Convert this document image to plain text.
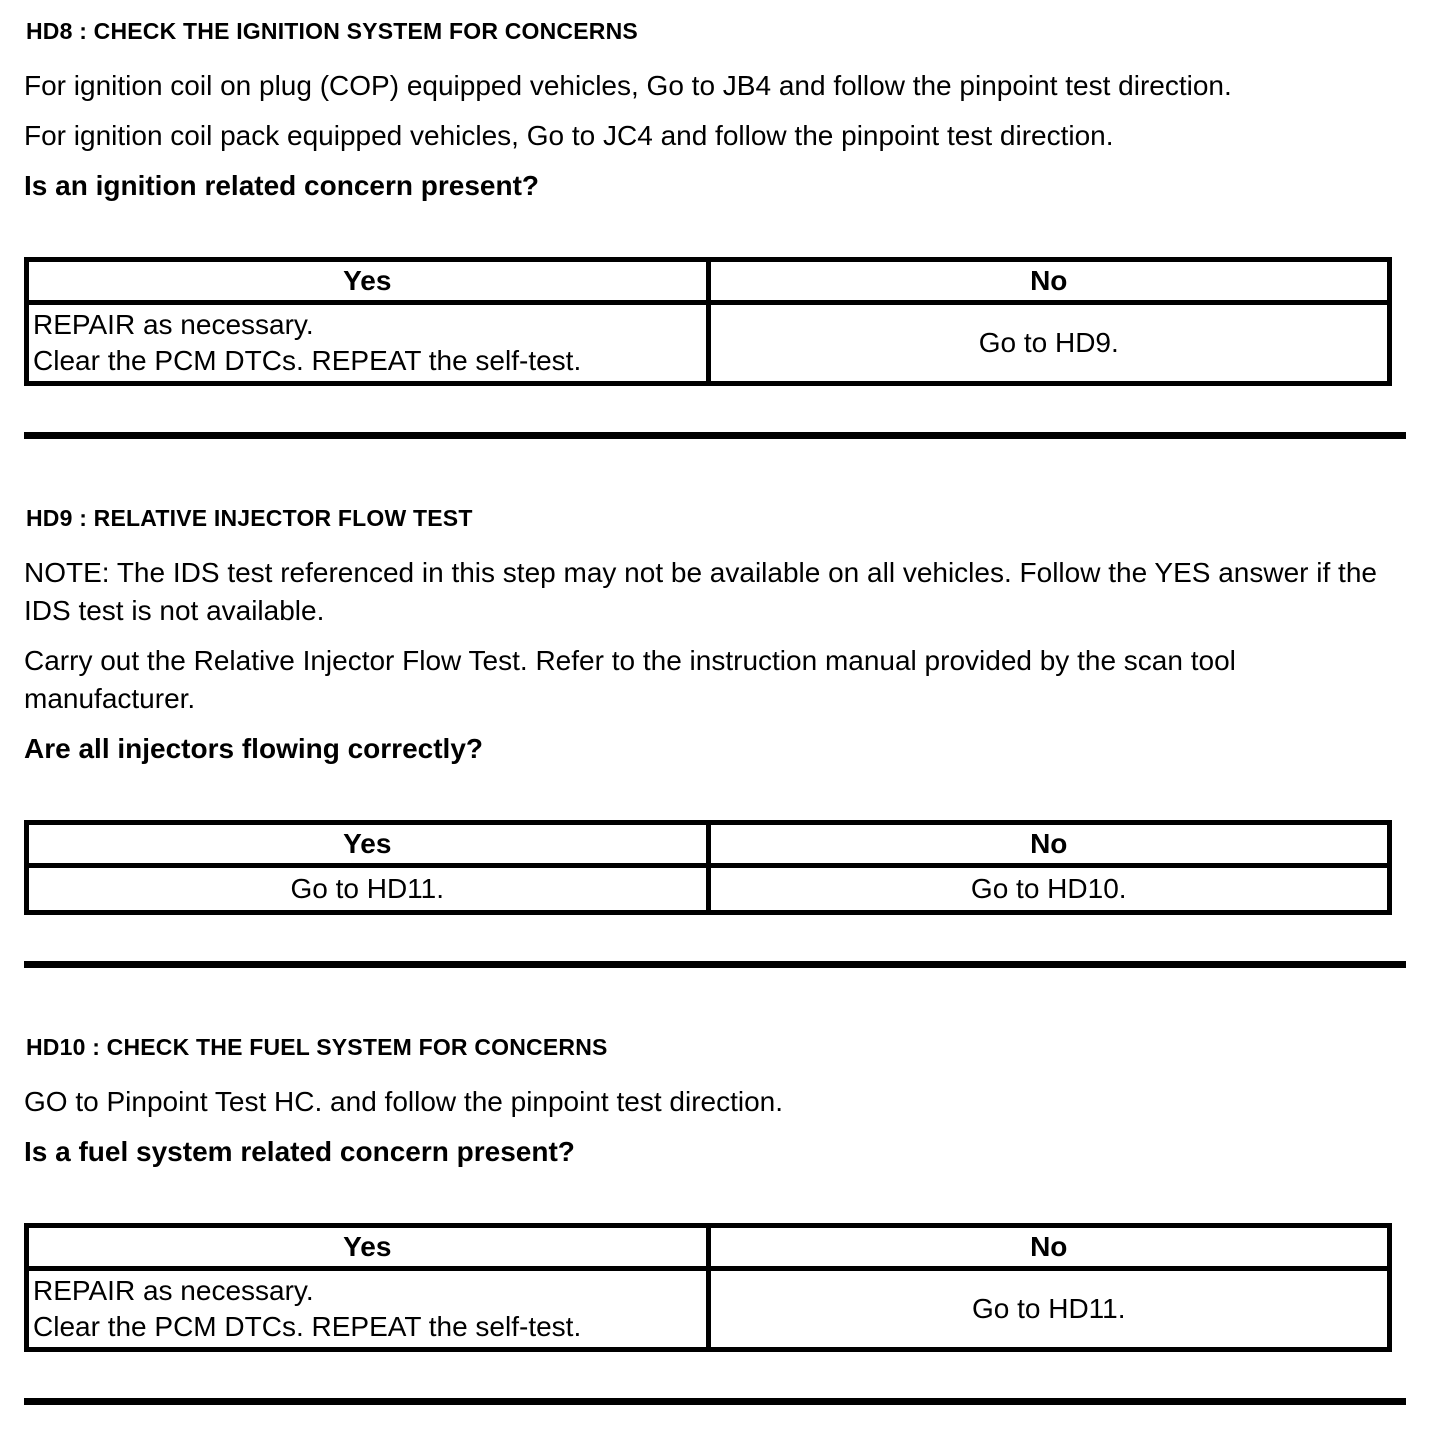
HD8 : CHECK THE IGNITION SYSTEM FOR CONCERNS

For ignition coil on plug (COP) equipped vehicles, Go to JB4 and follow the pinpoint test direction.

For ignition coil pack equipped vehicles, Go to JC4 and follow the pinpoint test direction.

Is an ignition related concern present?

Yes	No

REPAIR as necessary.
Clear the PCM DTCs. REPEAT the self-test.	Go to HD9.
HD9 : RELATIVE INJECTOR FLOW TEST

NOTE: The IDS test referenced in this step may not be available on all vehicles. Follow the YES answer if the IDS test is not available.

Carry out the Relative Injector Flow Test. Refer to the instruction manual provided by the scan tool manufacturer.

Are all injectors flowing correctly?

Yes	No
Go to HD11.	Go to HD10.
HD10 : CHECK THE FUEL SYSTEM FOR CONCERNS

GO to Pinpoint Test HC. and follow the pinpoint test direction.

Is a fuel system related concern present?

Yes	No

REPAIR as necessary.
Clear the PCM DTCs. REPEAT the self-test.	Go to HD11.
